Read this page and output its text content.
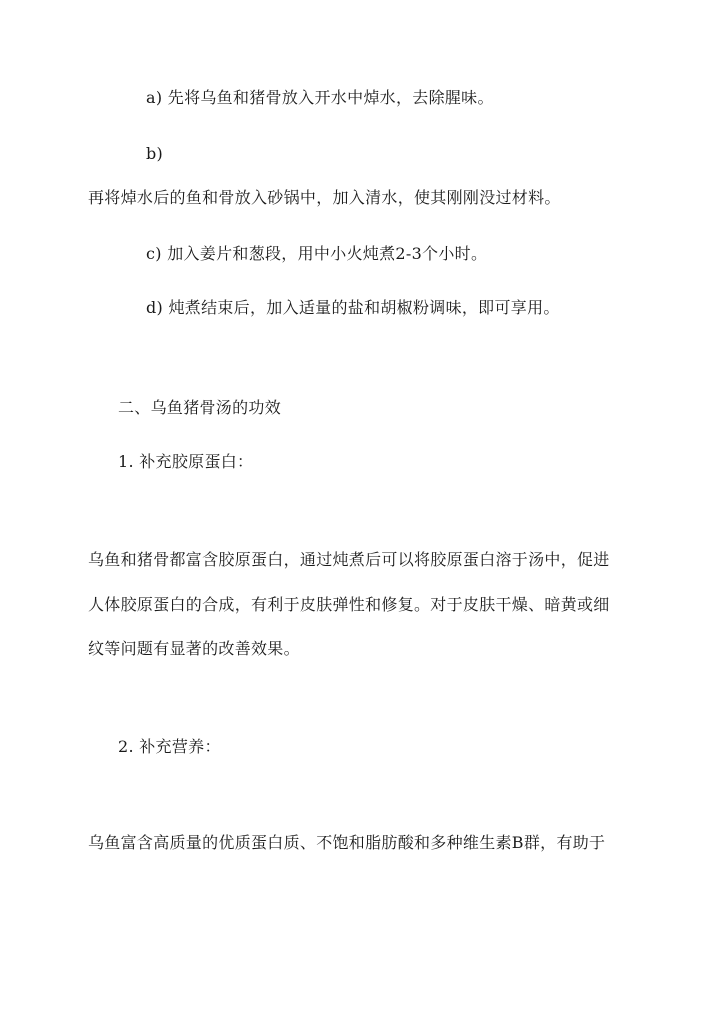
a) 先将乌鱼和猪骨放入开水中焯水，去除腥味。
b)
再将焯水后的鱼和骨放入砂锅中，加入清水，使其刚刚没过材料。
c) 加入姜片和葱段，用中小火炖煮2-3个小时。
d) 炖煮结束后，加入适量的盐和胡椒粉调味，即可享用。
二、乌鱼猪骨汤的功效
1. 补充胶原蛋白：
乌鱼和猪骨都富含胶原蛋白，通过炖煮后可以将胶原蛋白溶于汤中，促进
人体胶原蛋白的合成，有利于皮肤弹性和修复。对于皮肤干燥、暗黄或细
纹等问题有显著的改善效果。
2. 补充营养：
乌鱼富含高质量的优质蛋白质、不饱和脂肪酸和多种维生素B群，有助于
